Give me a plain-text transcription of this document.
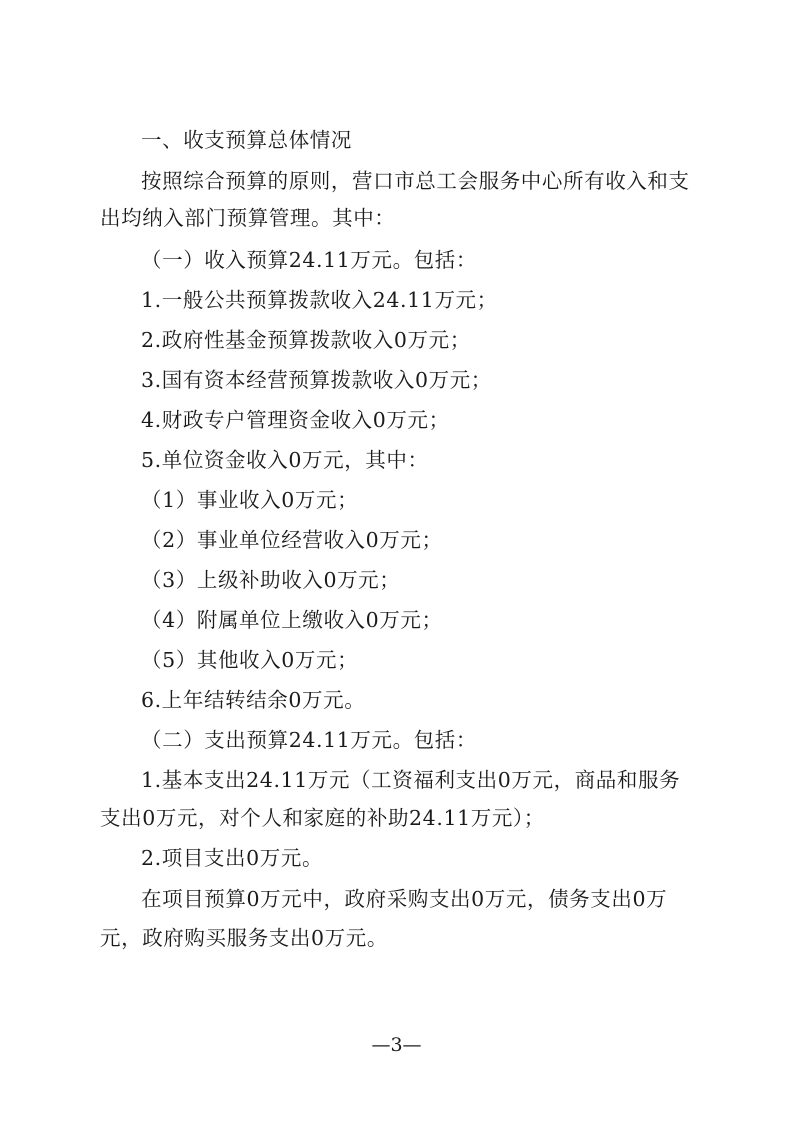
一、收支预算总体情况
按照综合预算的原则，营口市总工会服务中心所有收入和支
出均纳入部门预算管理。其中：
（一）收入预算24.11万元。包括：
1.一般公共预算拨款收入24.11万元；
2.政府性基金预算拨款收入0万元；
3.国有资本经营预算拨款收入0万元；
4.财政专户管理资金收入0万元；
5.单位资金收入0万元，其中：
（1）事业收入0万元；
（2）事业单位经营收入0万元；
（3）上级补助收入0万元；
（4）附属单位上缴收入0万元；
（5）其他收入0万元；
6.上年结转结余0万元。
（二）支出预算24.11万元。包括：
1.基本支出24.11万元（工资福利支出0万元，商品和服务
支出0万元，对个人和家庭的补助24.11万元）；
2.项目支出0万元。
在项目预算0万元中，政府采购支出0万元，债务支出0万
元，政府购买服务支出0万元。
—3—
